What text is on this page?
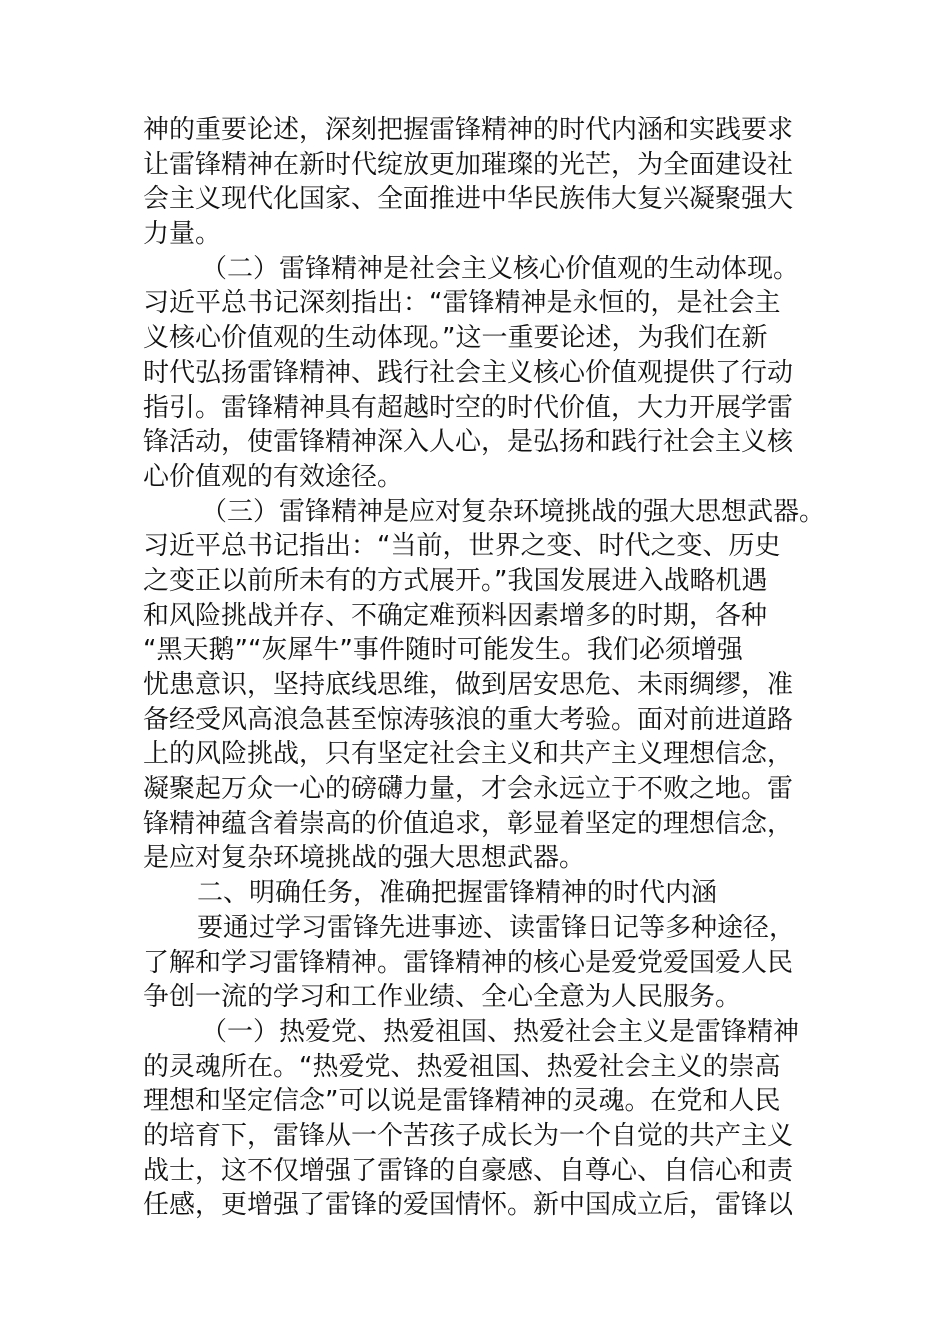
神的重要论述，深刻把握雷锋精神的时代内涵和实践要求
让雷锋精神在新时代绽放更加璀璨的光芒，为全面建设社
会主义现代化国家、全面推进中华民族伟大复兴凝聚强大
力量。
（二）雷锋精神是社会主义核心价值观的生动体现。
习近平总书记深刻指出：“雷锋精神是永恒的，是社会主
义核心价值观的生动体现。”这一重要论述，为我们在新
时代弘扬雷锋精神、践行社会主义核心价值观提供了行动
指引。雷锋精神具有超越时空的时代价值，大力开展学雷
锋活动，使雷锋精神深入人心，是弘扬和践行社会主义核
心价值观的有效途径。
（三）雷锋精神是应对复杂环境挑战的强大思想武器。
习近平总书记指出：“当前，世界之变、时代之变、历史
之变正以前所未有的方式展开。”我国发展进入战略机遇
和风险挑战并存、不确定难预料因素增多的时期，各种
“黑天鹅”“灰犀牛”事件随时可能发生。我们必须增强
忧患意识，坚持底线思维，做到居安思危、未雨绸缪，准
备经受风高浪急甚至惊涛骇浪的重大考验。面对前进道路
上的风险挑战，只有坚定社会主义和共产主义理想信念，
凝聚起万众一心的磅礴力量，才会永远立于不败之地。雷
锋精神蕴含着崇高的价值追求，彰显着坚定的理想信念，
是应对复杂环境挑战的强大思想武器。
二、明确任务，准确把握雷锋精神的时代内涵
要通过学习雷锋先进事迹、读雷锋日记等多种途径，
了解和学习雷锋精神。雷锋精神的核心是爱党爱国爱人民
争创一流的学习和工作业绩、全心全意为人民服务。
（一）热爱党、热爱祖国、热爱社会主义是雷锋精神
的灵魂所在。“热爱党、热爱祖国、热爱社会主义的崇高
理想和坚定信念”可以说是雷锋精神的灵魂。在党和人民
的培育下，雷锋从一个苦孩子成长为一个自觉的共产主义
战士，这不仅增强了雷锋的自豪感、自尊心、自信心和责
任感，更增强了雷锋的爱国情怀。新中国成立后，雷锋以
